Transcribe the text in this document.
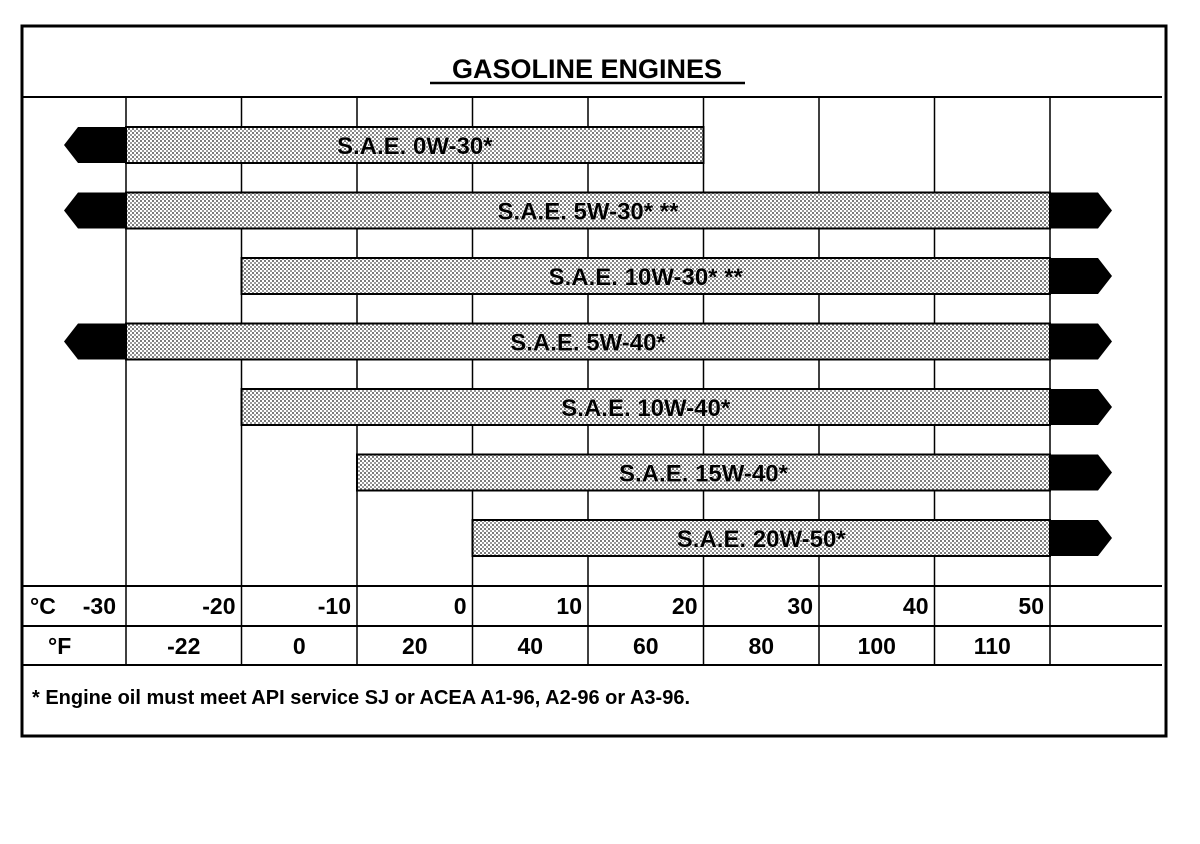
GASOLINE ENGINES
S.A.E. 0W-30*
S.A.E. 5W-30* **
S.A.E. 10W-30* **
S.A.E. 5W-40*
S.A.E. 10W-40*
S.A.E. 15W-40*
S.A.E. 20W-50*
°C
°F
-30	-20	-10	0	10	20	30	40	50
-22	0	20	40	60	80	100	110
* Engine oil must meet API service SJ or ACEA A1-96, A2-96 or A3-96.
